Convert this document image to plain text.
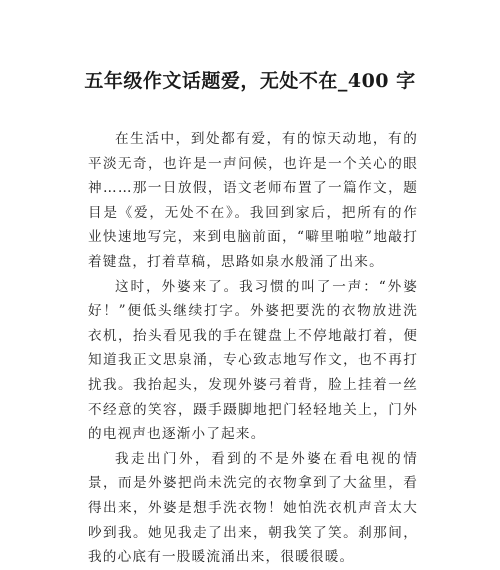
五年级作文话题爱，无处不在_400 字

在生活中，到处都有爱，有的惊天动地，有的平淡无奇，也许是一声问候，也许是一个关心的眼神……那一日放假，语文老师布置了一篇作文，题目是《爱，无处不在》。我回到家后，把所有的作业快速地写完，来到电脑前面，“噼里啪啦”地敲打着键盘，打着草稿，思路如泉水般涌了出来。

这时，外婆来了。我习惯的叫了一声：“外婆好！”便低头继续打字。外婆把要洗的衣物放进洗衣机，抬头看见我的手在键盘上不停地敲打着，便知道我正文思泉涌，专心致志地写作文，也不再打扰我。我抬起头，发现外婆弓着背，脸上挂着一丝不经意的笑容，蹑手蹑脚地把门轻轻地关上，门外的电视声也逐渐小了起来。

我走出门外，看到的不是外婆在看电视的情景，而是外婆把尚未洗完的衣物拿到了大盆里，看得出来，外婆是想手洗衣物！她怕洗衣机声音太大吵到我。她见我走了出来，朝我笑了笑。刹那间，我的心底有一股暖流涌出来，很暖很暖。
